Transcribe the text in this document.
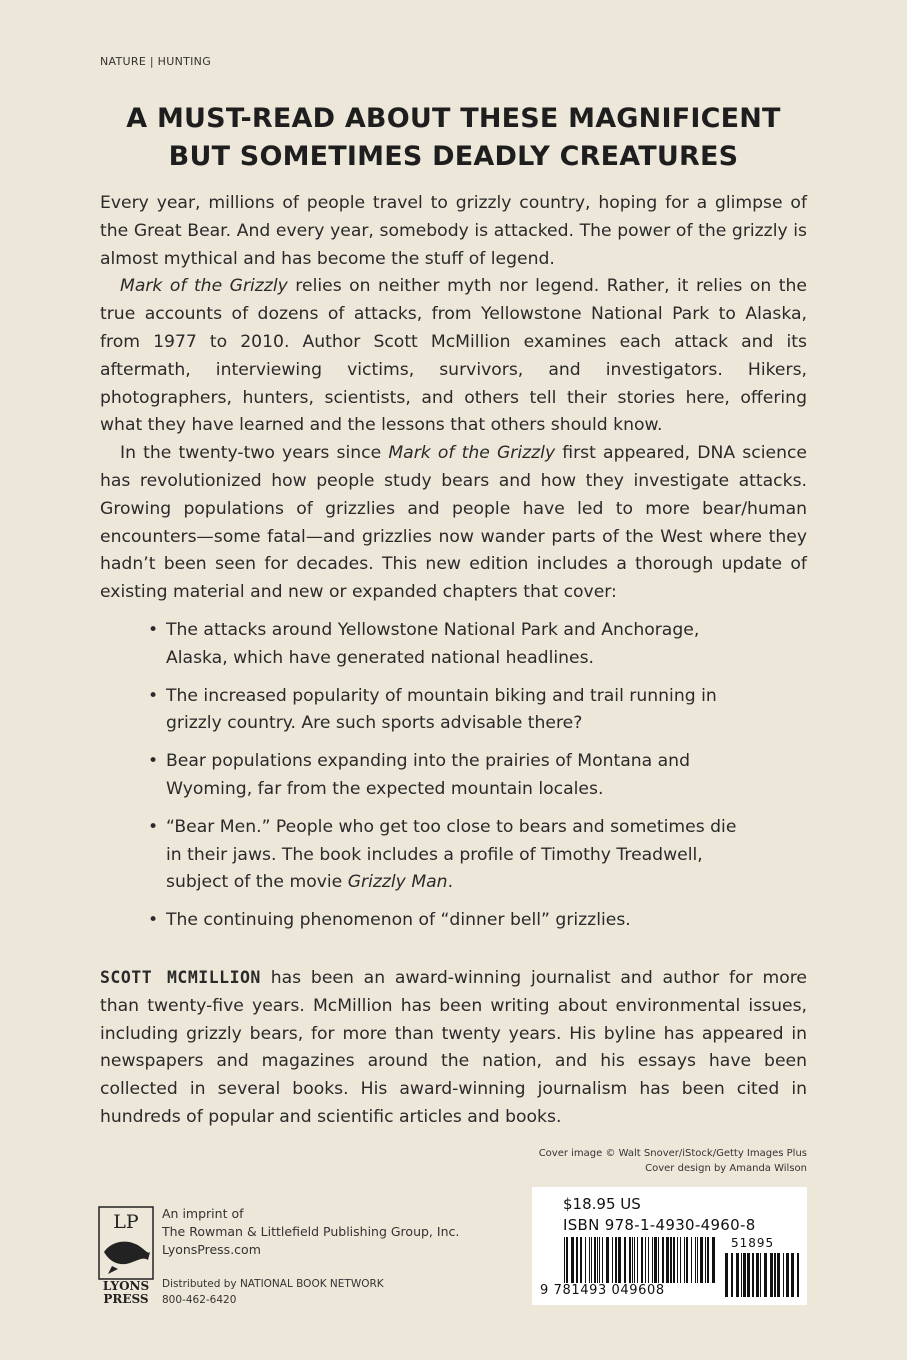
NATURE | HUNTING
A MUST-READ ABOUT THESE MAGNIFICENT
BUT SOMETIMES DEADLY CREATURES

Every year, millions of people travel to grizzly country, hoping for a glimpse of the Great Bear. And every year, somebody is attacked. The power of the grizzly is almost mythical and has become the stuff of legend.

Mark of the Grizzly relies on neither myth nor legend. Rather, it relies on the true accounts of dozens of attacks, from Yellowstone National Park to Alaska, from 1977 to 2010. Author Scott McMillion examines each attack and its aftermath, interviewing victims, survivors, and investigators. Hikers, photographers, hunters, scientists, and others tell their stories here, offering what they have learned and the lessons that others should know.

In the twenty-two years since Mark of the Grizzly first appeared, DNA science has revolutionized how people study bears and how they investigate attacks. Growing populations of grizzlies and people have led to more bear/human encounters—some fatal—and grizzlies now wander parts of the West where they hadn’t been seen for decades. This new edition includes a thorough update of existing material and new or expanded chapters that cover:

• The attacks around Yellowstone National Park and Anchorage, Alaska, which have generated national headlines.
• The increased popularity of mountain biking and trail running in grizzly country. Are such sports advisable there?
• Bear populations expanding into the prairies of Montana and Wyoming, far from the expected mountain locales.
• “Bear Men.” People who get too close to bears and sometimes die in their jaws. The book includes a profile of Timothy Treadwell, subject of the movie Grizzly Man.
• The continuing phenomenon of “dinner bell” grizzlies.
SCOTT MCMILLION has been an award-winning journalist and author for more than twenty-five years. McMillion has been writing about environmental issues, including grizzly bears, for more than twenty years. His byline has appeared in newspapers and magazines around the nation, and his essays have been collected in several books. His award-winning journalism has been cited in hundreds of popular and scientific articles and books.
Cover image © Walt Snover/iStock/Getty Images Plus
Cover design by Amanda Wilson
LP
LYONS
PRESS
An imprint of
The Rowman & Littlefield Publishing Group, Inc.
LyonsPress.com
Distributed by NATIONAL BOOK NETWORK
800-462-6420
$18.95 US
ISBN 978-1-4930-4960-8
51895
9 781493 049608
